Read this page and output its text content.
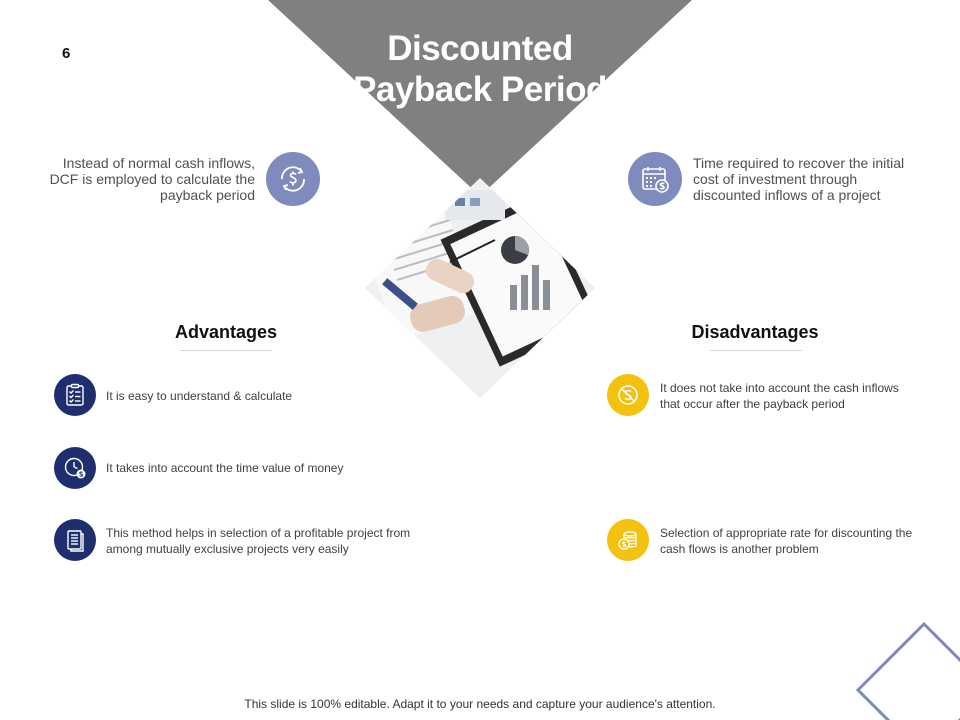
6	Discounted Payback Period
Instead of normal cash inflows, DCF is employed to calculate the payback period
Time required to recover the initial cost of investment through discounted inflows of a project
Advantages	Disadvantages
It is easy to understand & calculate
It takes into account the time value of money
This method helps in selection of a profitable project from among mutually exclusive projects very easily
It does not take into account the cash inflows that occur after the payback period
Selection of appropriate rate for discounting the cash flows is another problem
This slide is 100% editable. Adapt it to your needs and capture your audience's attention.
